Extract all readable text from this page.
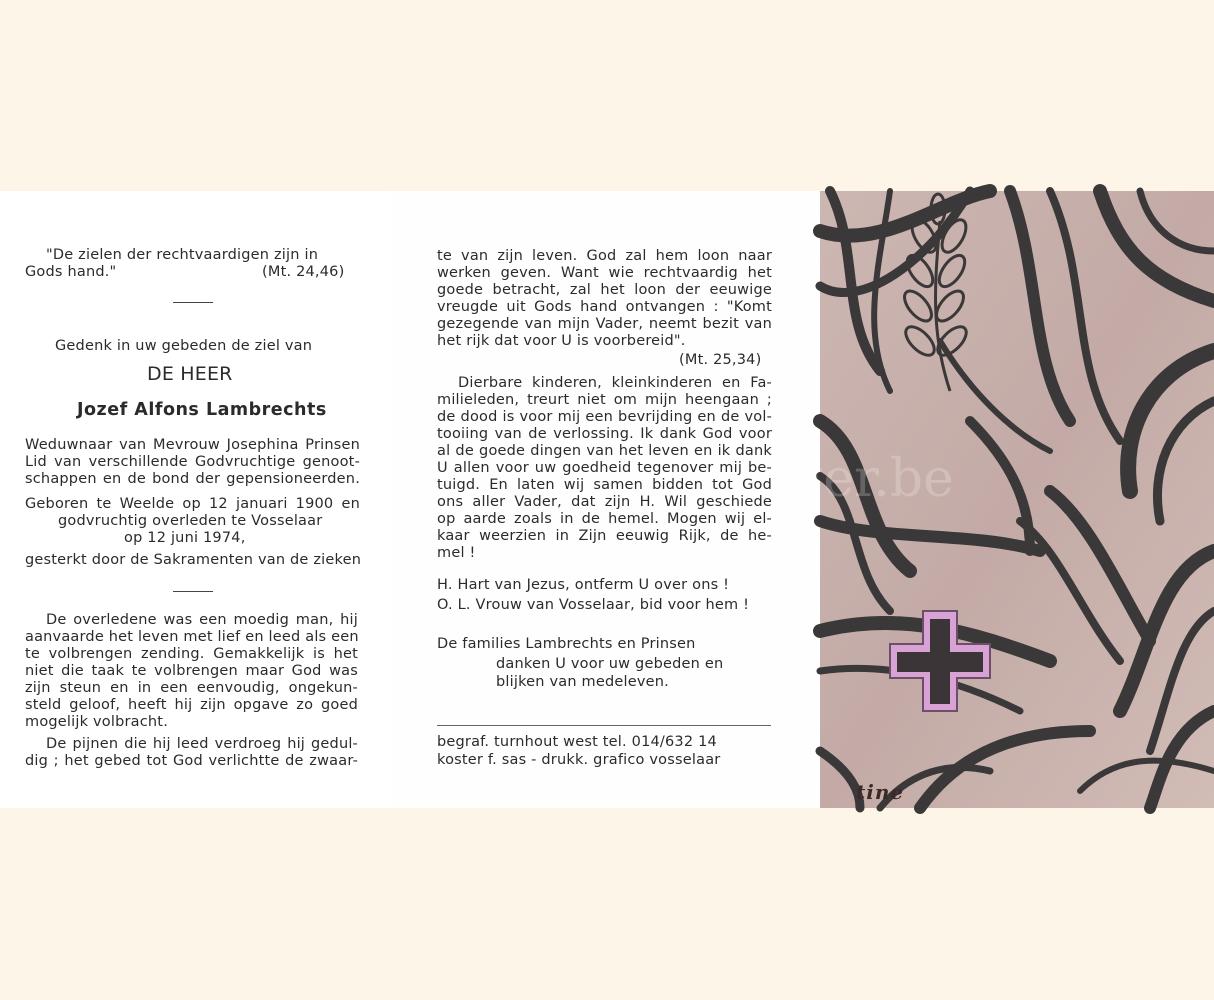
"De zielen der rechtvaardigen zijn in
Gods hand."	(Mt. 24,46)
Gedenk in uw gebeden de ziel van
DE HEER
Jozef Alfons Lambrechts
Weduwnaar van Mevrouw Josephina Prinsen
Lid van verschillende Godvruchtige genoot-
schappen en de bond der gepensioneerden.
Geboren te Weelde op 12 januari 1900 en
godvruchtig overleden te Vosselaar
op 12 juni 1974,
gesterkt door de Sakramenten van de zieken
De overledene was een moedig man, hij
aanvaarde het leven met lief en leed als een
te volbrengen zending. Gemakkelijk is het
niet die taak te volbrengen maar God was
zijn steun en in een eenvoudig, ongekun-
steld geloof, heeft hij zijn opgave zo goed
mogelijk volbracht.
De pijnen die hij leed verdroeg hij gedul-
dig ; het gebed tot God verlichtte de zwaar-
te van zijn leven. God zal hem loon naar
werken geven. Want wie rechtvaardig het
goede betracht, zal het loon der eeuwige
vreugde uit Gods hand ontvangen : "Komt
gezegende van mijn Vader, neemt bezit van
het rijk dat voor U is voorbereid".
(Mt. 25,34)
Dierbare kinderen, kleinkinderen en Fa-
milieleden, treurt niet om mijn heengaan ;
de dood is voor mij een bevrijding en de vol-
tooiing van de verlossing. Ik dank God voor
al de goede dingen van het leven en ik dank
U allen voor uw goedheid tegenover mij be-
tuigd. En laten wij samen bidden tot God
ons aller Vader, dat zijn H. Wil geschiede
op aarde zoals in de hemel. Mogen wij el-
kaar weerzien in Zijn eeuwig Rijk, de he-
mel !
H. Hart van Jezus, ontferm U over ons !
O. L. Vrouw van Vosselaar, bid voor hem !
De families Lambrechts en Prinsen
danken U voor uw gebeden en
blijken van medeleven.
begraf. turnhout west tel. 014/632 14
koster f. sas - drukk. grafico vosselaar
ger.be
tine
